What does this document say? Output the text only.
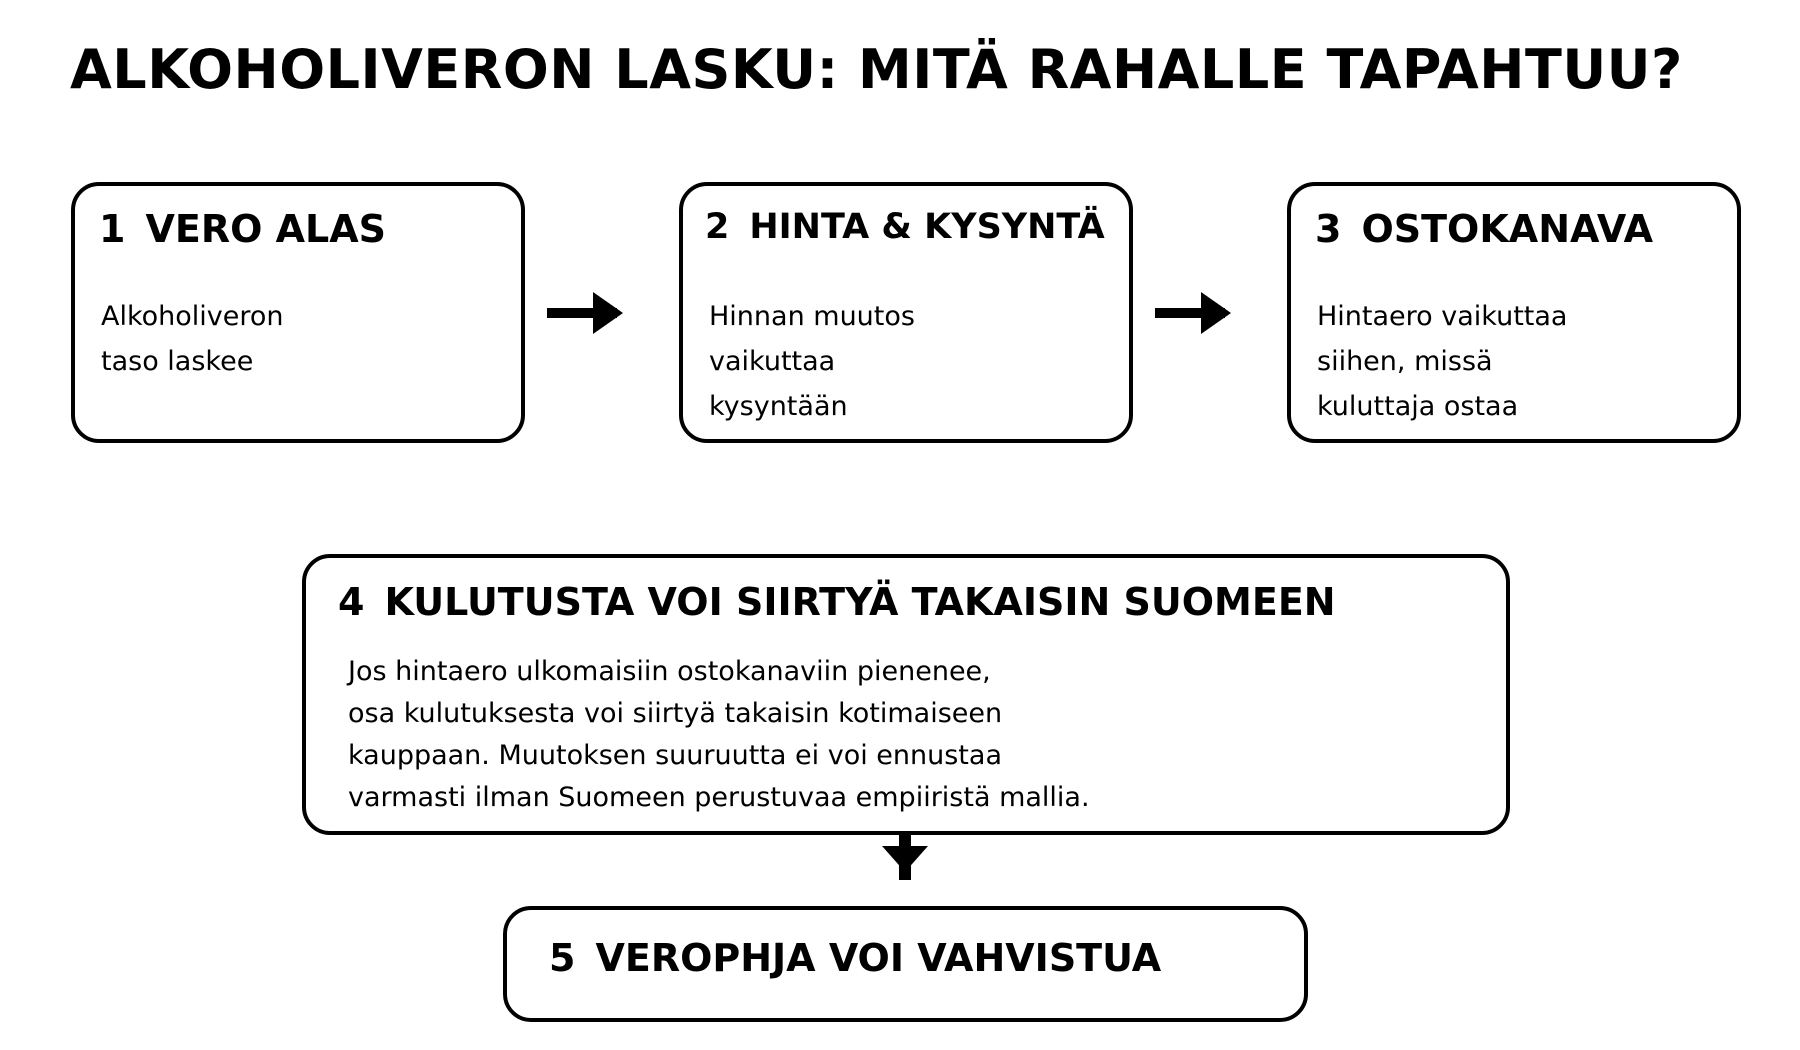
ALKOHOLIVERON LASKU: MITÄ RAHALLE TAPAHTUU?
1 VERO ALAS
Alkoholiveron
taso laskee
2 HINTA & KYSYNTÄ
Hinnan muutos
vaikuttaa
kysyntään
3 OSTOKANAVA
Hintaero vaikuttaa
siihen, missä
kuluttaja ostaa
4 KULUTUSTA VOI SIIRTYÄ TAKAISIN SUOMEEN
Jos hintaero ulkomaisiin ostokanaviin pienenee,
osa kulutuksesta voi siirtyä takaisin kotimaiseen
kauppaan. Muutoksen suuruutta ei voi ennustaa
varmasti ilman Suomeen perustuvaa empiiristä mallia.
5 VEROPHJA VOI VAHVISTUA
